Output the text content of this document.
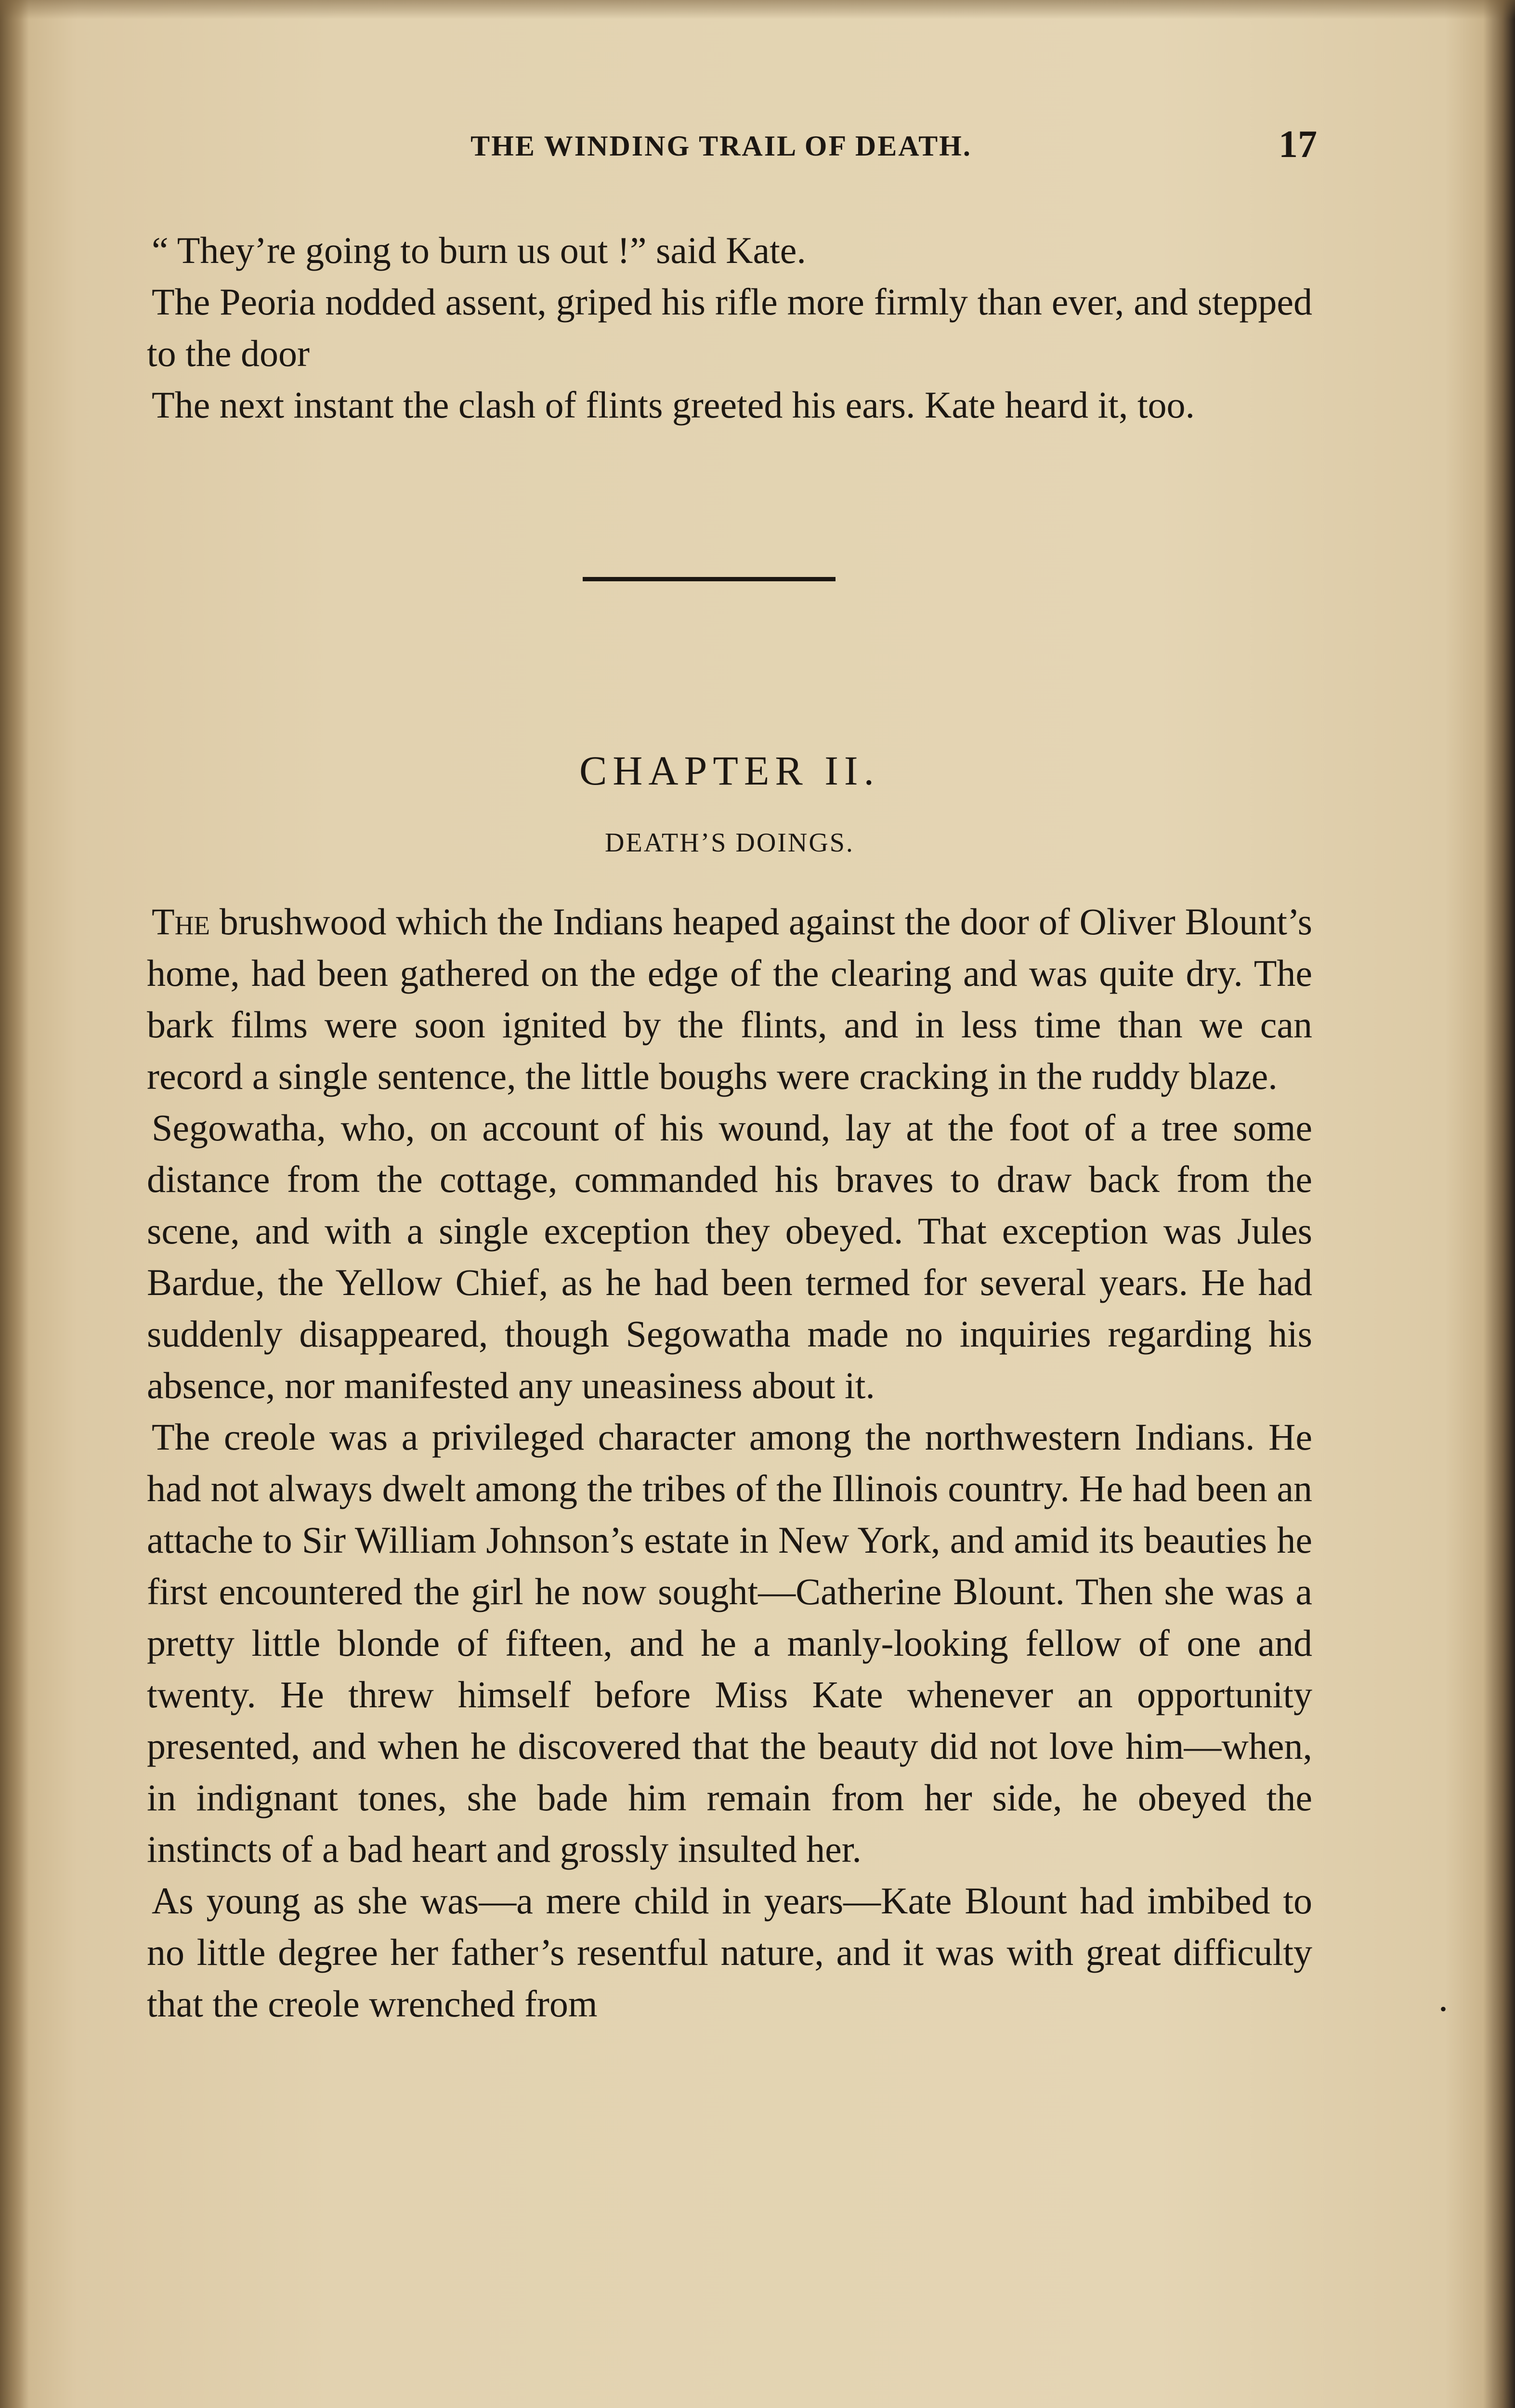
THE WINDING TRAIL OF DEATH.	17

“ They’re going to burn us out !” said Kate.

The Peoria nodded assent, griped his rifle more firmly than ever, and stepped to the door

The next instant the clash of flints greeted his ears. Kate heard it, too.

CHAPTER II.
DEATH’S DOINGS.

The brushwood which the Indians heaped against the door of Oliver Blount’s home, had been gathered on the edge of the clearing and was quite dry. The bark films were soon ignited by the flints, and in less time than we can record a single sentence, the little boughs were cracking in the ruddy blaze.

Segowatha, who, on account of his wound, lay at the foot of a tree some distance from the cottage, commanded his braves to draw back from the scene, and with a single exception they obeyed. That exception was Jules Bardue, the Yellow Chief, as he had been termed for several years. He had suddenly disappeared, though Segowatha made no inquiries regarding his absence, nor manifested any uneasiness about it.

The creole was a privileged character among the northwestern Indians. He had not always dwelt among the tribes of the Illinois country. He had been an attache to Sir William Johnson’s estate in New York, and amid its beauties he first encountered the girl he now sought—Catherine Blount. Then she was a pretty little blonde of fifteen, and he a manly-looking fellow of one and twenty. He threw himself before Miss Kate whenever an opportunity presented, and when he discovered that the beauty did not love him—when, in indignant tones, she bade him remain from her side, he obeyed the instincts of a bad heart and grossly insulted her.

As young as she was—a mere child in years—Kate Blount had imbibed to no little degree her father’s resentful nature, and it was with great difficulty that the creole wrenched from	•
